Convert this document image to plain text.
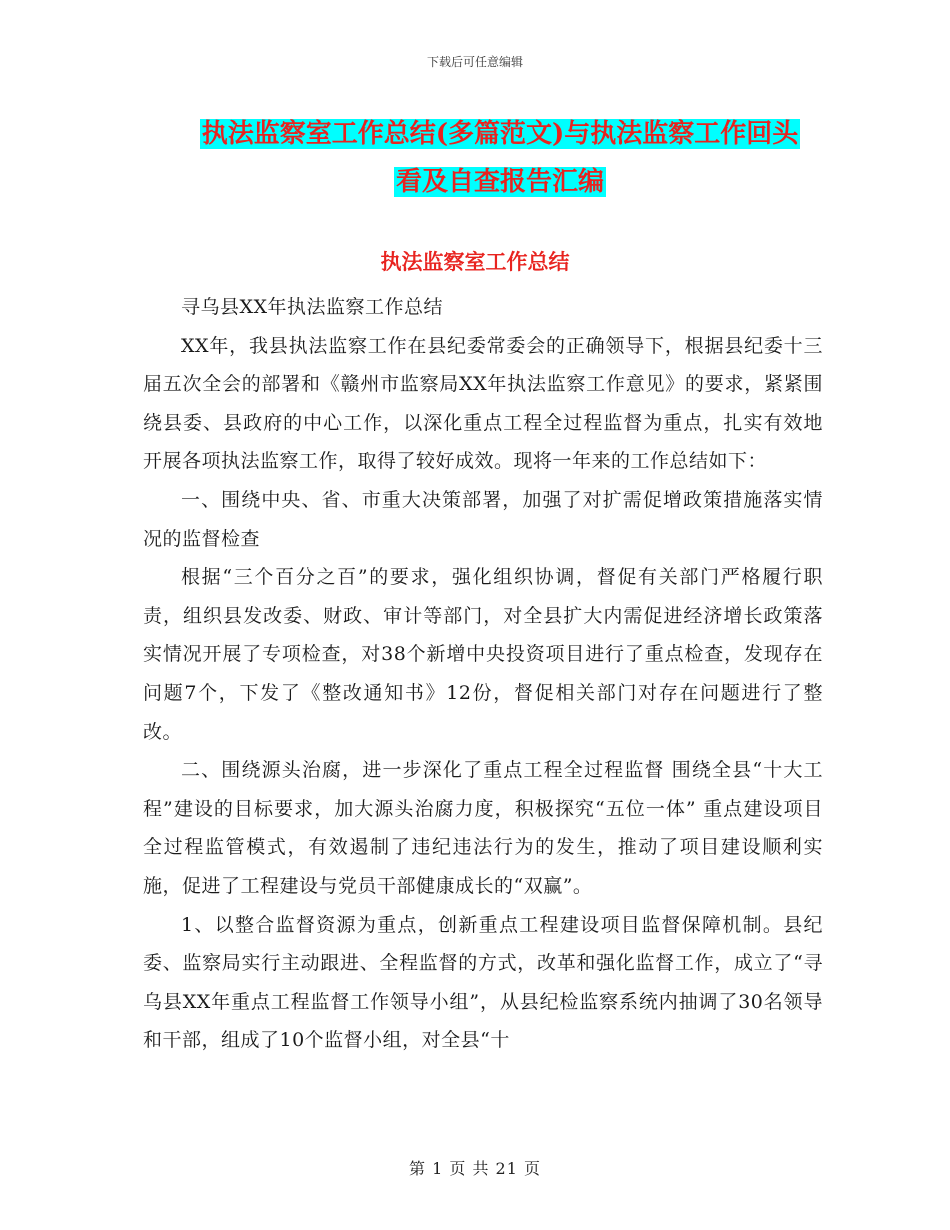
下载后可任意编辑
执法监察室工作总结(多篇范文)与执法监察工作回头
看及自查报告汇编
执法监察室工作总结

寻乌县XX年执法监察工作总结

XX年，我县执法监察工作在县纪委常委会的正确领导下，根据县纪委十三届五次全会的部署和《赣州市监察局XX年执法监察工作意见》的要求，紧紧围绕县委、县政府的中心工作，以深化重点工程全过程监督为重点，扎实有效地开展各项执法监察工作，取得了较好成效。现将一年来的工作总结如下：

一、围绕中央、省、市重大决策部署，加强了对扩需促增政策措施落实情况的监督检查

根据“三个百分之百”的要求，强化组织协调，督促有关部门严格履行职责，组织县发改委、财政、审计等部门，对全县扩大内需促进经济增长政策落实情况开展了专项检查，对38个新增中央投资项目进行了重点检查，发现存在问题7个，下发了《整改通知书》12份，督促相关部门对存在问题进行了整改。

二、围绕源头治腐，进一步深化了重点工程全过程监督 围绕全县“十大工程”建设的目标要求，加大源头治腐力度，积极探究“五位一体” 重点建设项目全过程监管模式，有效遏制了违纪违法行为的发生，推动了项目建设顺利实施，促进了工程建设与党员干部健康成长的“双赢”。

1、以整合监督资源为重点，创新重点工程建设项目监督保障机制。县纪委、监察局实行主动跟进、全程监督的方式，改革和强化监督工作，成立了“寻乌县XX年重点工程监督工作领导小组”，从县纪检监察系统内抽调了30名领导和干部，组成了10个监督小组，对全县“十

第 1 页 共 21 页
